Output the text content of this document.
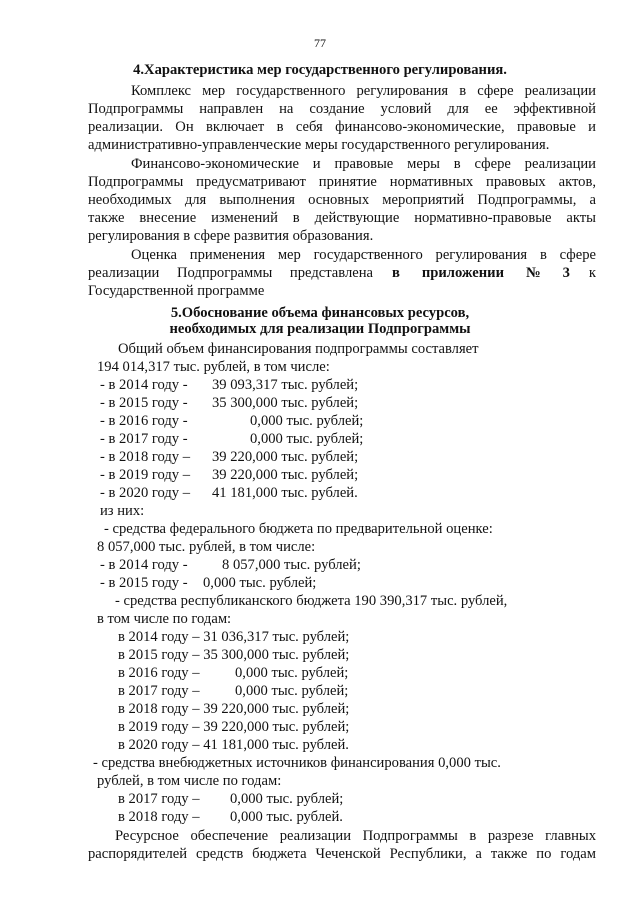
77
4.Характеристика мер государственного регулирования.
Комплекс мер государственного регулирования в сфере реализации
Подпрограммы направлен на создание условий для ее эффективной
реализации. Он включает в себя финансово-экономические, правовые и
административно-управленческие меры государственного регулирования.
Финансово-экономические и правовые меры в сфере реализации
Подпрограммы предусматривают принятие нормативных правовых актов,
необходимых для выполнения основных мероприятий Подпрограммы, а
также внесение изменений в действующие нормативно-правовые акты
регулирования в сфере развития образования.
Оценка применения мер государственного регулирования в сфере
реализации Подпрограммы представлена в приложении № 3 к
Государственной программе
5.Обоснование объема финансовых ресурсов,
необходимых для реализации Подпрограммы
Общий объем финансирования подпрограммы составляет
194 014,317 тыс. рублей, в том числе:
- в 2014 году - 39 093,317 тыс. рублей;
- в 2015 году - 35 300,000 тыс. рублей;
- в 2016 году -	0,000 тыс. рублей;
- в 2017 году -	0,000 тыс. рублей;
- в 2018 году – 39 220,000 тыс. рублей;
- в 2019 году – 39 220,000 тыс. рублей;
- в 2020 году – 41 181,000 тыс. рублей.
из них:
- средства федерального бюджета по предварительной оценке:
8 057,000 тыс. рублей, в том числе:
- в 2014 году - 8 057,000 тыс. рублей;
- в 2015 году - 0,000 тыс. рублей;
- средства республиканского бюджета 190 390,317 тыс. рублей,
в том числе по годам:
в 2014 году – 31 036,317 тыс. рублей;
в 2015 году – 35 300,000 тыс. рублей;
в 2016 году – 0,000 тыс. рублей;
в 2017 году – 0,000 тыс. рублей;
в 2018 году – 39 220,000 тыс. рублей;
в 2019 году – 39 220,000 тыс. рублей;
в 2020 году – 41 181,000 тыс. рублей.
- средства внебюджетных источников финансирования 0,000 тыс.
рублей, в том числе по годам:
в 2017 году – 0,000 тыс. рублей;
в 2018 году – 0,000 тыс. рублей.
Ресурсное обеспечение реализации Подпрограммы в разрезе главных
распорядителей средств бюджета Чеченской Республики, а также по годам
